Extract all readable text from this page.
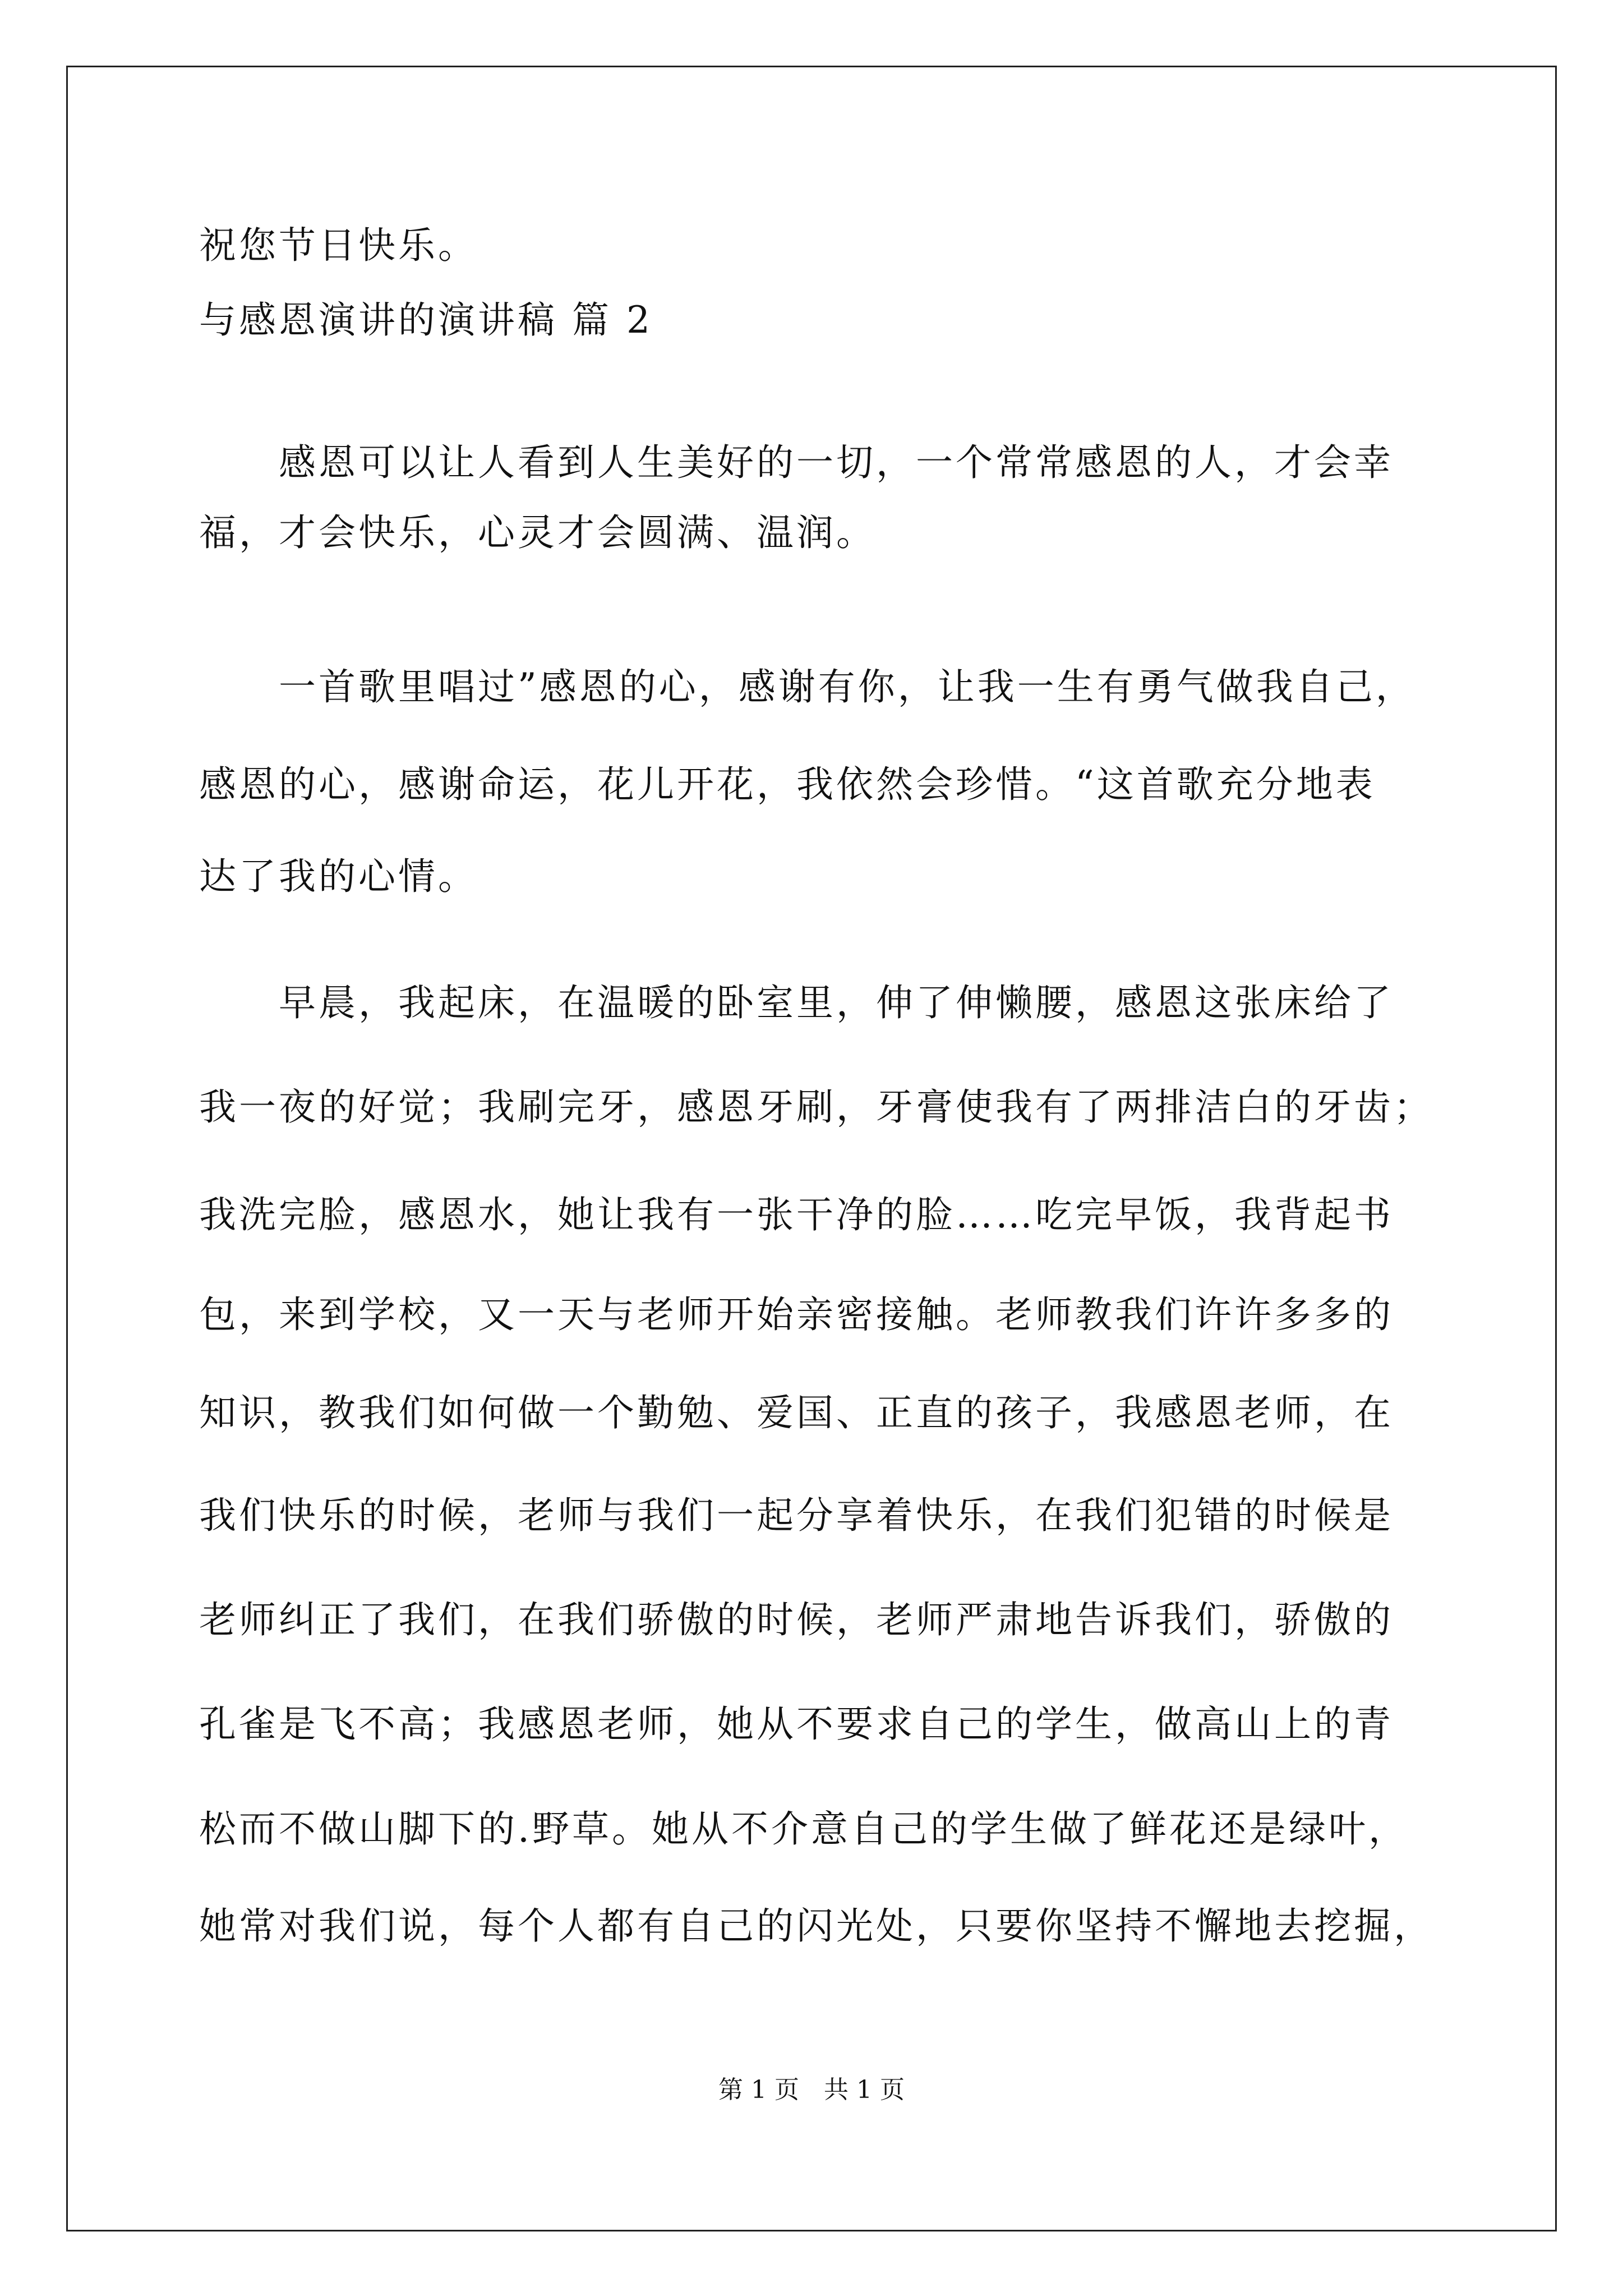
祝您节日快乐。
与感恩演讲的演讲稿 篇 2
　　感恩可以让人看到人生美好的一切，一个常常感恩的人，才会幸
福，才会快乐，心灵才会圆满、温润。
　　一首歌里唱过”感恩的心，感谢有你，让我一生有勇气做我自己，
感恩的心，感谢命运，花儿开花，我依然会珍惜。“这首歌充分地表
达了我的心情。
　　早晨，我起床，在温暖的卧室里，伸了伸懒腰，感恩这张床给了
我一夜的好觉；我刷完牙，感恩牙刷，牙膏使我有了两排洁白的牙齿；
我洗完脸，感恩水，她让我有一张干净的脸……吃完早饭，我背起书
包，来到学校，又一天与老师开始亲密接触。老师教我们许许多多的
知识，教我们如何做一个勤勉、爱国、正直的孩子，我感恩老师，在
我们快乐的时候，老师与我们一起分享着快乐，在我们犯错的时候是
老师纠正了我们，在我们骄傲的时候，老师严肃地告诉我们，骄傲的
孔雀是飞不高；我感恩老师，她从不要求自己的学生，做高山上的青
松而不做山脚下的.野草。她从不介意自己的学生做了鲜花还是绿叶，
她常对我们说，每个人都有自己的闪光处，只要你坚持不懈地去挖掘，
第 1 页　共 1 页
